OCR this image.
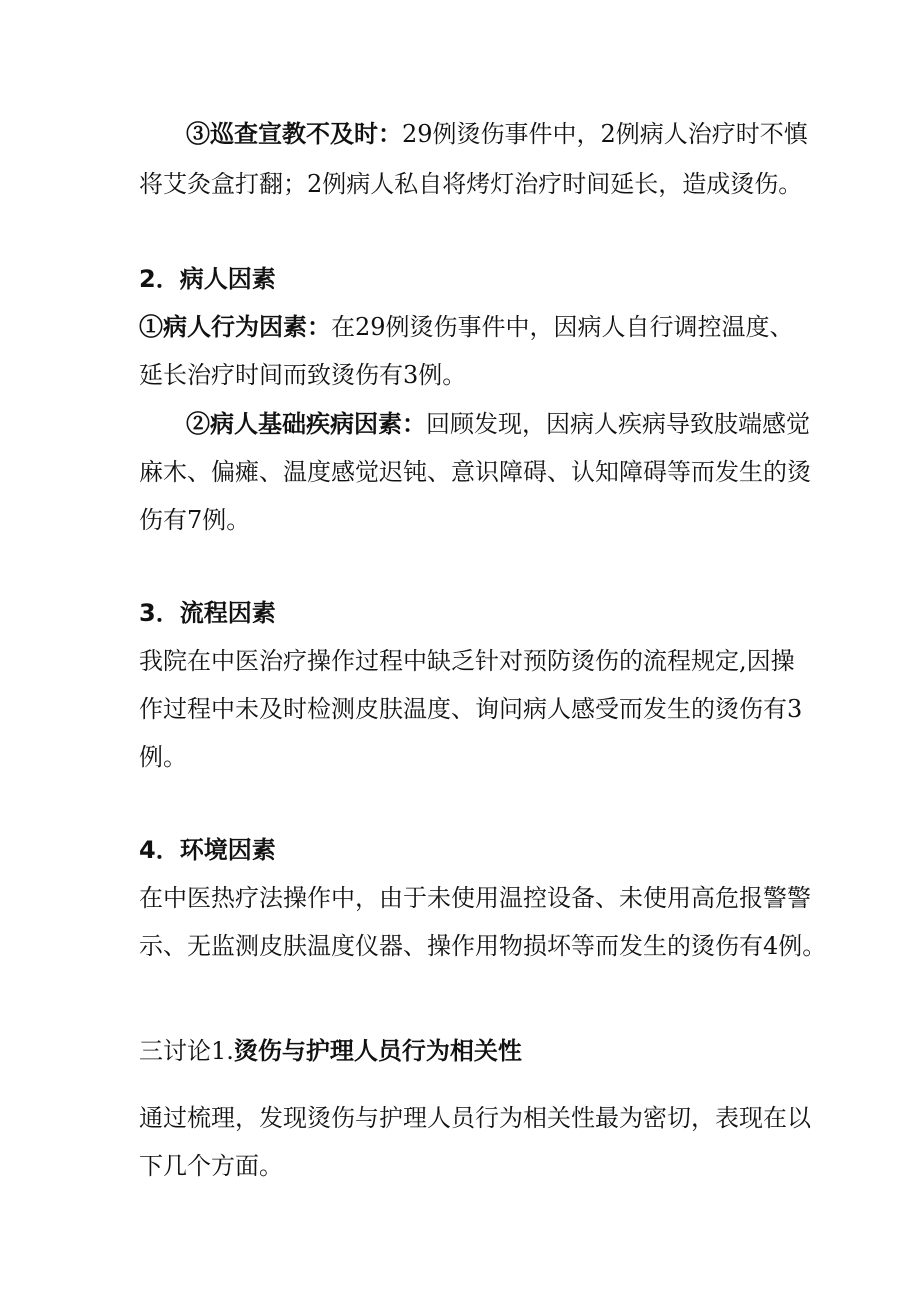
③巡查宣教不及时：29例烫伤事件中，2例病人治疗时不慎
将艾灸盒打翻；2例病人私自将烤灯治疗时间延长，造成烫伤。
2．病人因素
①病人行为因素：在29例烫伤事件中，因病人自行调控温度、
延长治疗时间而致烫伤有3例。
②病人基础疾病因素：回顾发现，因病人疾病导致肢端感觉
麻木、偏瘫、温度感觉迟钝、意识障碍、认知障碍等而发生的烫
伤有7例。
3．流程因素
我院在中医治疗操作过程中缺乏针对预防烫伤的流程规定,因操
作过程中未及时检测皮肤温度、询问病人感受而发生的烫伤有3
例。
4．环境因素
在中医热疗法操作中，由于未使用温控设备、未使用高危报警警
示、无监测皮肤温度仪器、操作用物损坏等而发生的烫伤有4例。
三讨论1.烫伤与护理人员行为相关性
通过梳理，发现烫伤与护理人员行为相关性最为密切，表现在以
下几个方面。
